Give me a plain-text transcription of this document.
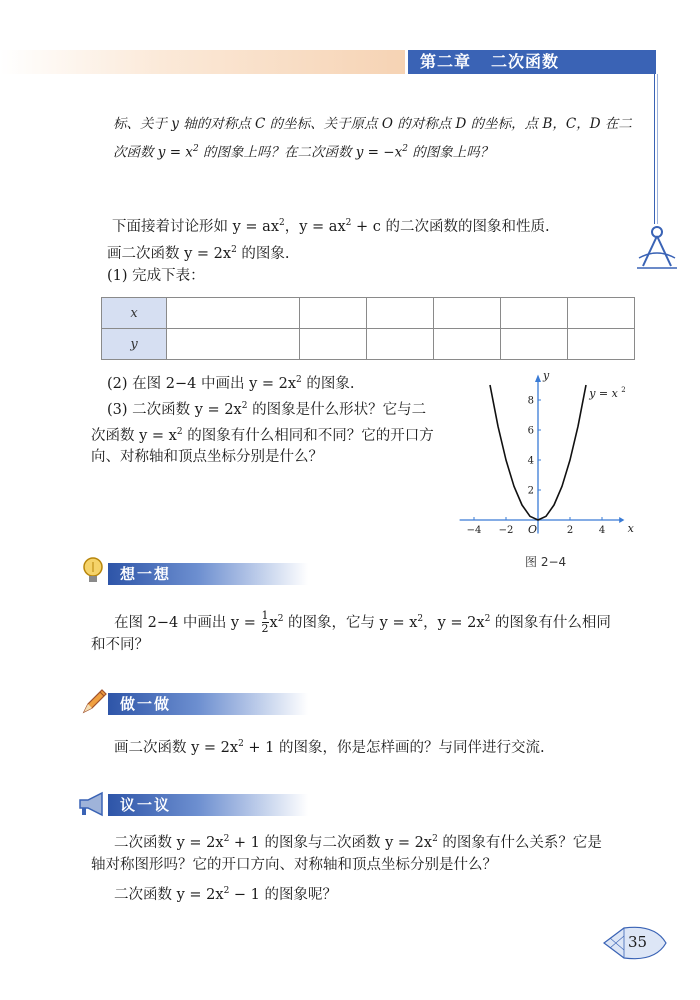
第二章 二次函数
标、关于 y 轴的对称点 C 的坐标、关于原点 O 的对称点 D 的坐标，点 B，C，D 在二
次函数 $y = x^2$ 的图象上吗？在二次函数 $y = -x^2$ 的图象上吗？
下面接着讨论形如 $y = ax^2$，$y = ax^2 + c$ 的二次函数的图象和性质.
画二次函数 $y = 2x^2$ 的图象.
(1) 完成下表：
x						
y						
(2) 在图 2−4 中画出 $y = 2x^2$ 的图象.
(3) 二次函数 $y = 2x^2$ 的图象是什么形状？它与二
次函数 $y = x^2$ 的图象有什么相同和不同？它的开口方
向、对称轴和顶点坐标分别是什么？
−4 −2	2	4
2
4
6
8
x
y
O
y = x 2
图 2−4
想一想
在图 2−4 中画出 $y = \frac{1}{2} x^2$ 的图象，它与 $y = x^2$，$y = 2x^2$ 的图象有什么相同
和不同？
做一做
画二次函数 $y = 2x^2 + 1$ 的图象，你是怎样画的？与同伴进行交流.
议一议
二次函数 $y = 2x^2 + 1$ 的图象与二次函数 $y = 2x^2$ 的图象有什么关系？它是
轴对称图形吗？它的开口方向、对称轴和顶点坐标分别是什么？
二次函数 $y = 2x^2 - 1$ 的图象呢？
35
